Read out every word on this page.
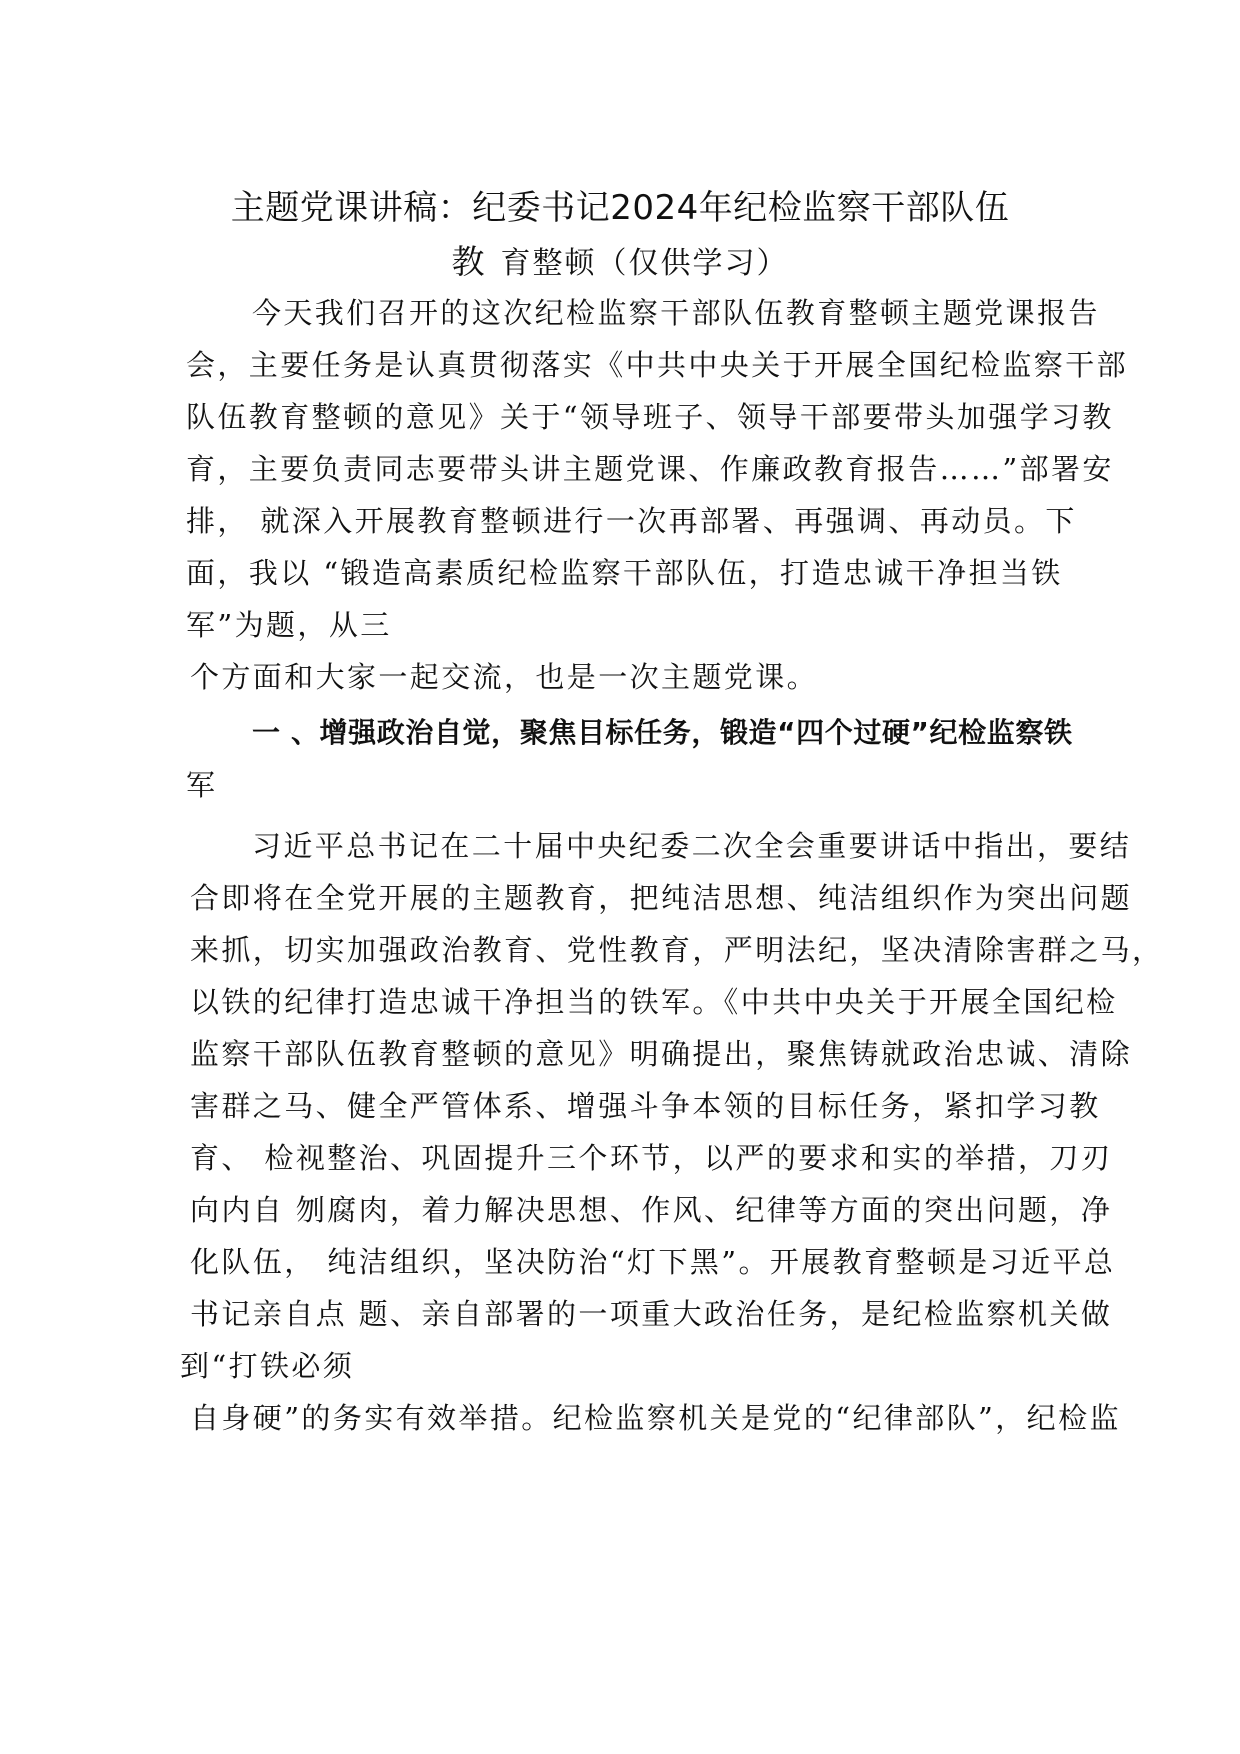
主题党课讲稿：纪委书记2024年纪检监察干部队伍
教 育整顿（仅供学习）
今天我们召开的这次纪检监察干部队伍教育整顿主题党课报告
会，主要任务是认真贯彻落实《中共中央关于开展全国纪检监察干部
队伍教育整顿的意见》关于“领导班子、领导干部要带头加强学习教
育，主要负责同志要带头讲主题党课、作廉政教育报告……”部署安
排， 就深入开展教育整顿进行一次再部署、再强调、再动员。下
面，我以 “锻造高素质纪检监察干部队伍，打造忠诚干净担当铁
军”为题，从三
个方面和大家一起交流，也是一次主题党课。
一 、增强政治自觉，聚焦目标任务，锻造“四个过硬”纪检监察铁
军
习近平总书记在二十届中央纪委二次全会重要讲话中指出，要结
合即将在全党开展的主题教育，把纯洁思想、纯洁组织作为突出问题
来抓，切实加强政治教育、党性教育，严明法纪，坚决清除害群之马，
以铁的纪律打造忠诚干净担当的铁军。《中共中央关于开展全国纪检
监察干部队伍教育整顿的意见》明确提出，聚焦铸就政治忠诚、清除
害群之马、健全严管体系、增强斗争本领的目标任务，紧扣学习教
育、 检视整治、巩固提升三个环节，以严的要求和实的举措，刀刃
向内自 刎腐肉，着力解决思想、作风、纪律等方面的突出问题，净
化队伍， 纯洁组织，坚决防治“灯下黑”。开展教育整顿是习近平总
书记亲自点 题、亲自部署的一项重大政治任务，是纪检监察机关做
到“打铁必须
自身硬”的务实有效举措。纪检监察机关是党的“纪律部队”，纪检监
